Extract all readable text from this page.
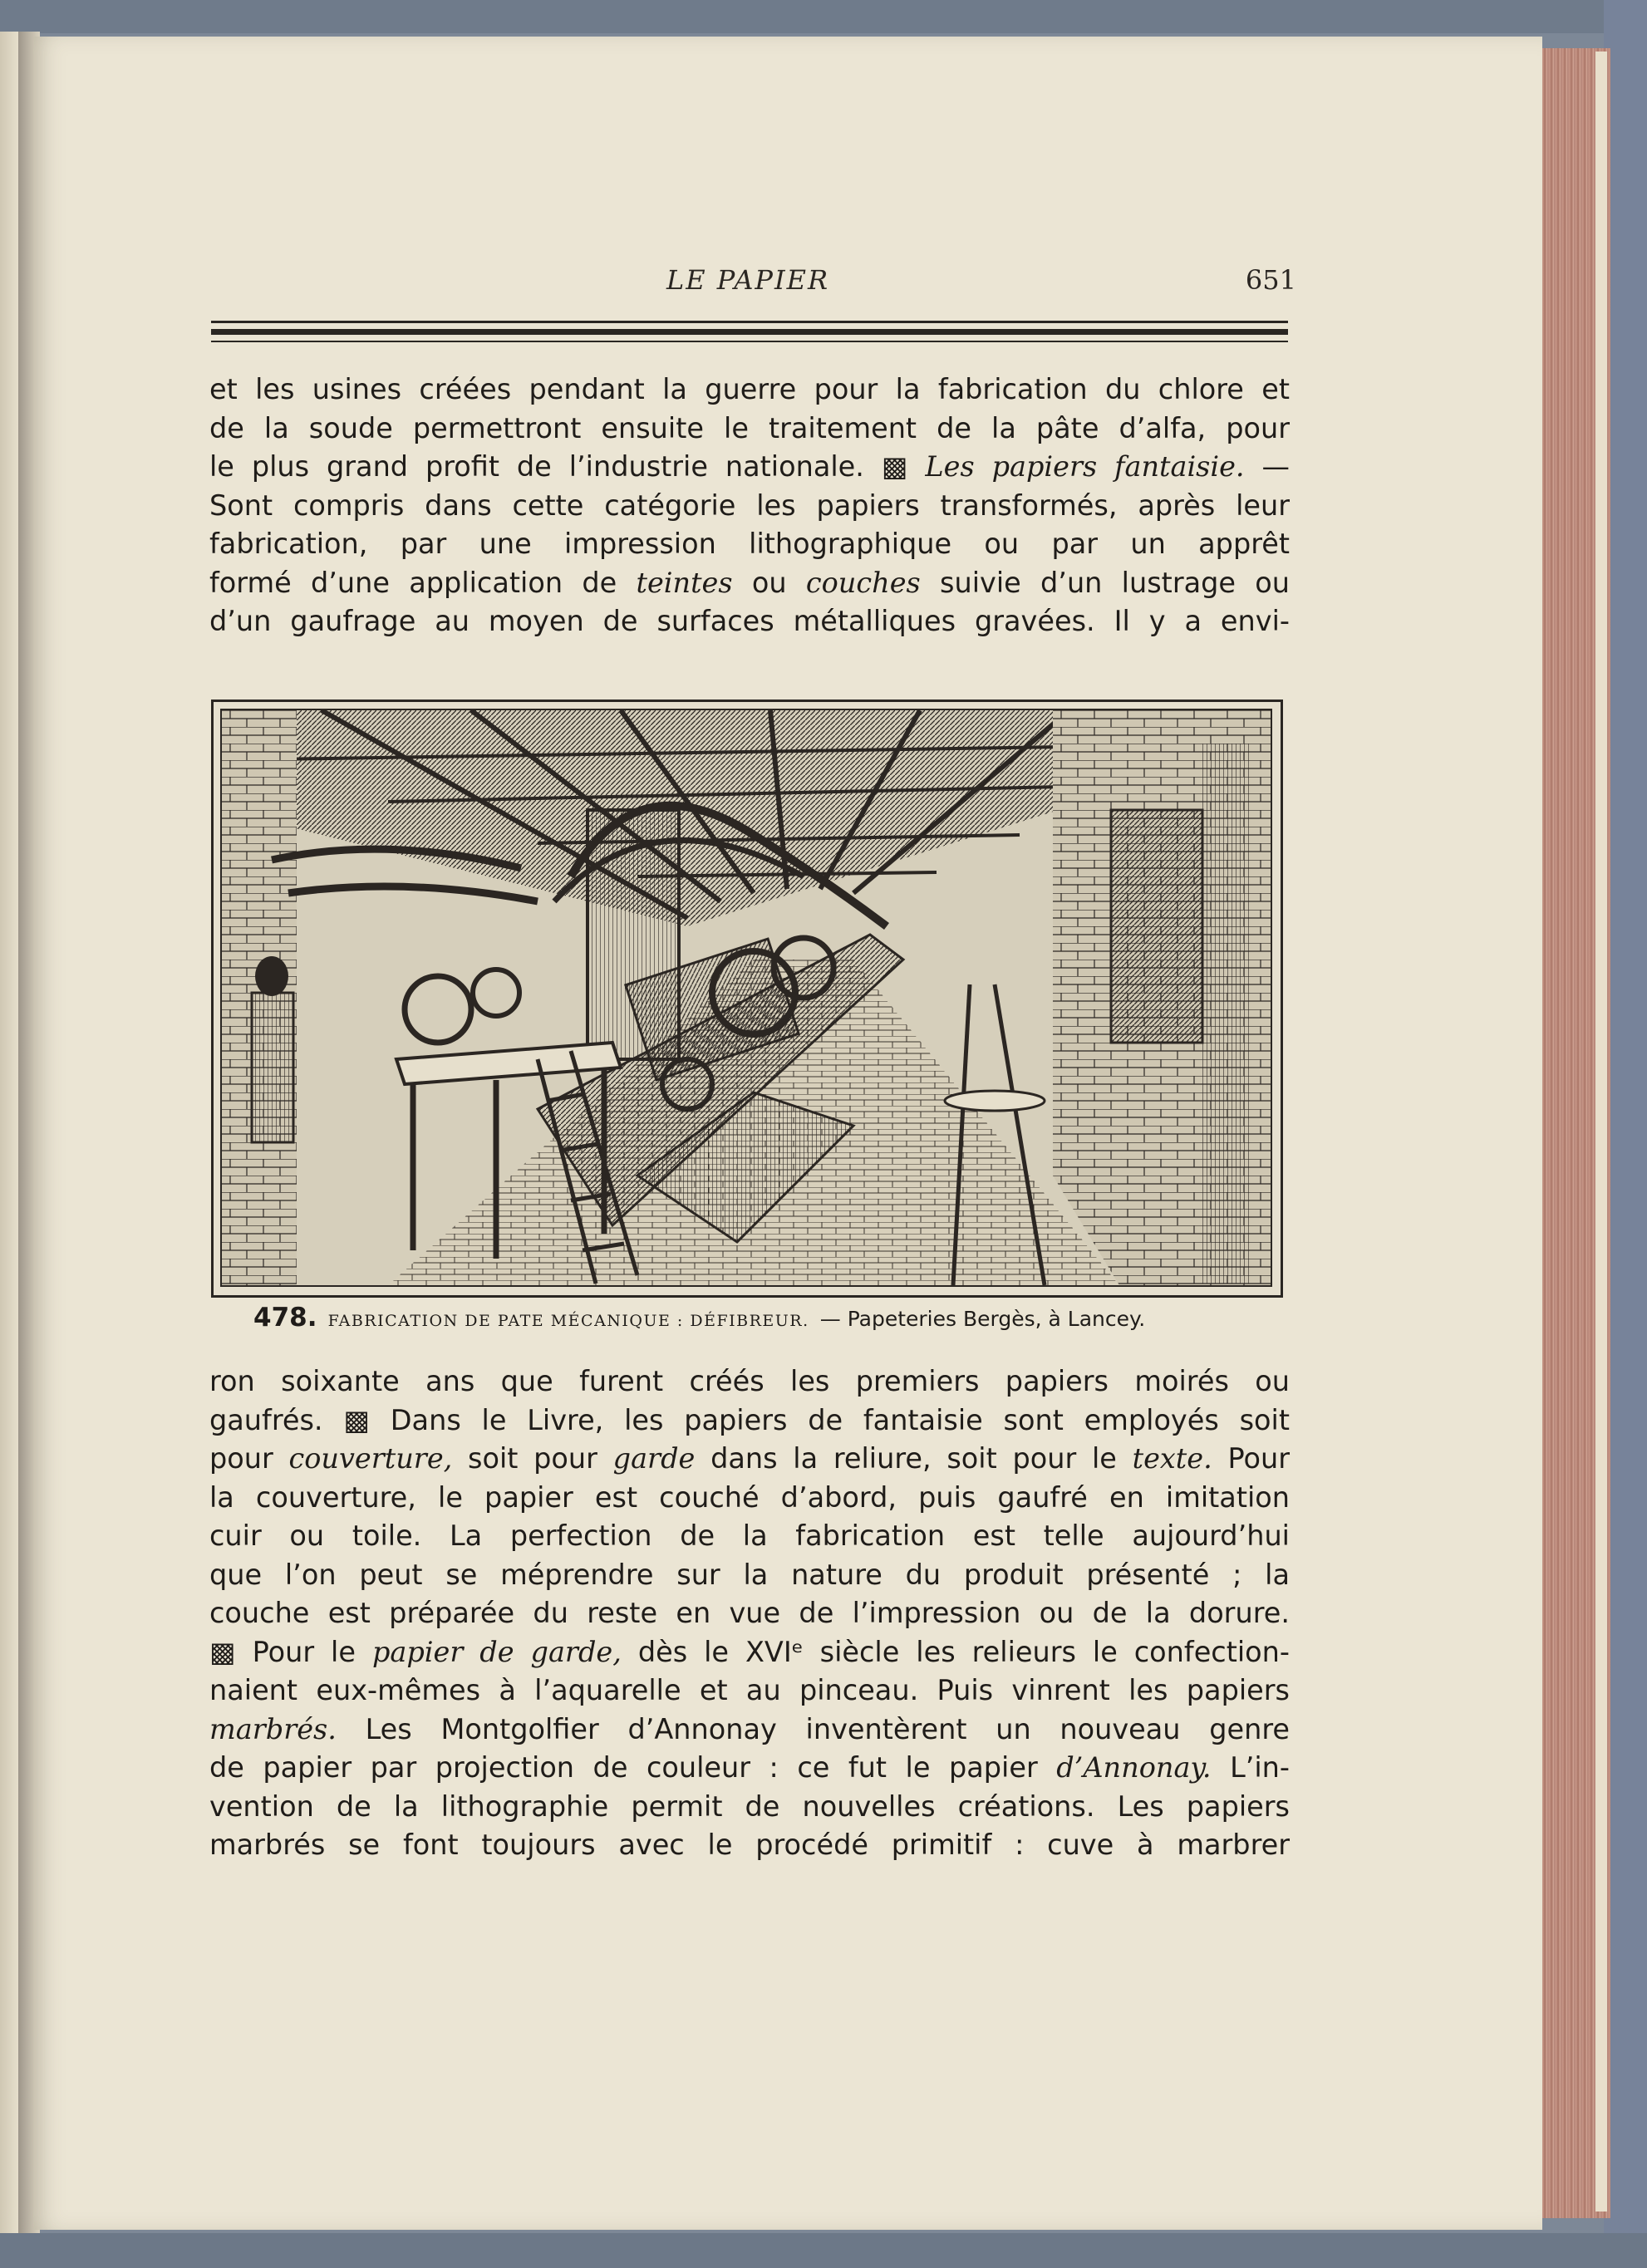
LE PAPIER	651
et les usines créées pendant la guerre pour la fabrication du chlore et
de la soude permettront ensuite le traitement de la pâte d’alfa, pour
le plus grand profit de l’industrie nationale. ▩ Les papiers fantaisie. —
Sont compris dans cette catégorie les papiers transformés, après leur
fabrication, par une impression lithographique ou par un apprêt
formé d’une application de teintes ou couches suivie d’un lustrage ou
d’un gaufrage au moyen de surfaces métalliques gravées. Il y a envi-
478. FABRICATION DE PATE MÉCANIQUE : DÉFIBREUR. — Papeteries Bergès, à Lancey.
ron soixante ans que furent créés les premiers papiers moirés ou
gaufrés. ▩ Dans le Livre, les papiers de fantaisie sont employés soit
pour couverture, soit pour garde dans la reliure, soit pour le texte. Pour
la couverture, le papier est couché d’abord, puis gaufré en imitation
cuir ou toile. La perfection de la fabrication est telle aujourd’hui
que l’on peut se méprendre sur la nature du produit présenté ; la
couche est préparée du reste en vue de l’impression ou de la dorure.
▩ Pour le papier de garde, dès le XVIᵉ siècle les relieurs le confection-
naient eux-mêmes à l’aquarelle et au pinceau. Puis vinrent les papiers
marbrés. Les Montgolfier d’Annonay inventèrent un nouveau genre
de papier par projection de couleur : ce fut le papier d’Annonay. L’in-
vention de la lithographie permit de nouvelles créations. Les papiers
marbrés se font toujours avec le procédé primitif : cuve à marbrer
